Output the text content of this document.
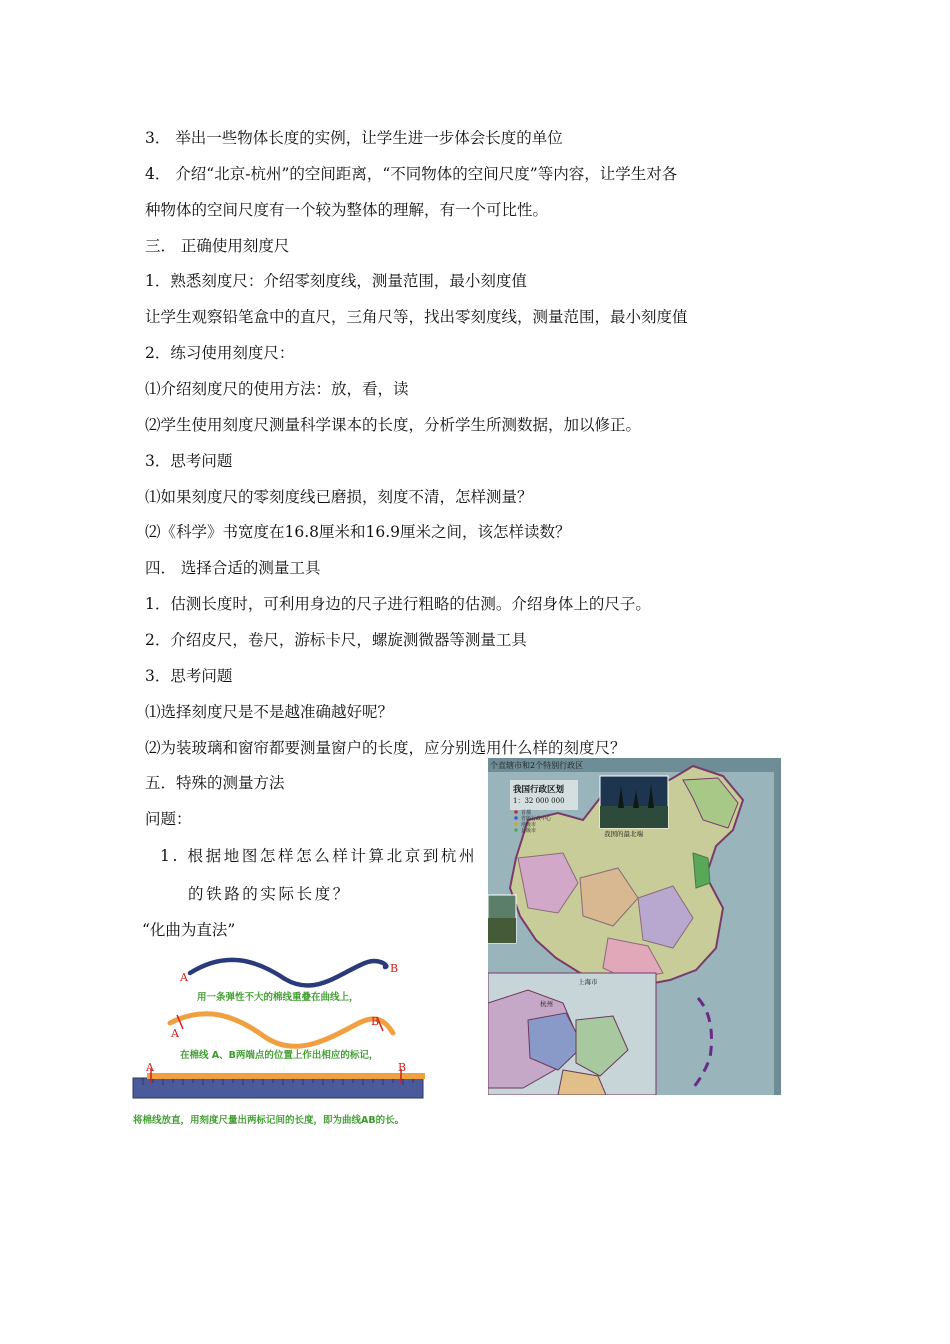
3． 举出一些物体长度的实例，让学生进一步体会长度的单位
4． 介绍“北京-杭州”的空间距离，“不同物体的空间尺度”等内容，让学生对各
种物体的空间尺度有一个较为整体的理解，有一个可比性。
三． 正确使用刻度尺
1．熟悉刻度尺：介绍零刻度线，测量范围，最小刻度值
让学生观察铅笔盒中的直尺，三角尺等，找出零刻度线，测量范围，最小刻度值
2．练习使用刻度尺：
⑴介绍刻度尺的使用方法：放，看，读
⑵学生使用刻度尺测量科学课本的长度，分析学生所测数据，加以修正。
3．思考问题
⑴如果刻度尺的零刻度线已磨损，刻度不清，怎样测量？
⑵《科学》书宽度在16.8厘米和16.9厘米之间，该怎样读数？
四． 选择合适的测量工具
1．估测长度时，可利用身边的尺子进行粗略的估测。介绍身体上的尺子。
2．介绍皮尺，卷尺，游标卡尺，螺旋测微器等测量工具
3．思考问题
⑴选择刻度尺是不是越准确越好呢？
⑵为装玻璃和窗帘都要测量窗户的长度，应分别选用什么样的刻度尺？
五．特殊的测量方法
问题：
1. 根据地图怎样怎么样计算北京到杭州
的铁路的实际长度？
“化曲为直法”
A
B
用一条弹性不大的棉线重叠在曲线上，
A
B
在棉线 A、B两端点的位置上作出相应的标记，
A	B
将棉线放直，用刻度尺量出两标记间的长度，即为曲线AB的长。
个直辖市和2个特别行政区
我国行政区划
1：32 000 000
首都
省级行政中心
地级市
县级市	我国的最北端
上海市
杭州
